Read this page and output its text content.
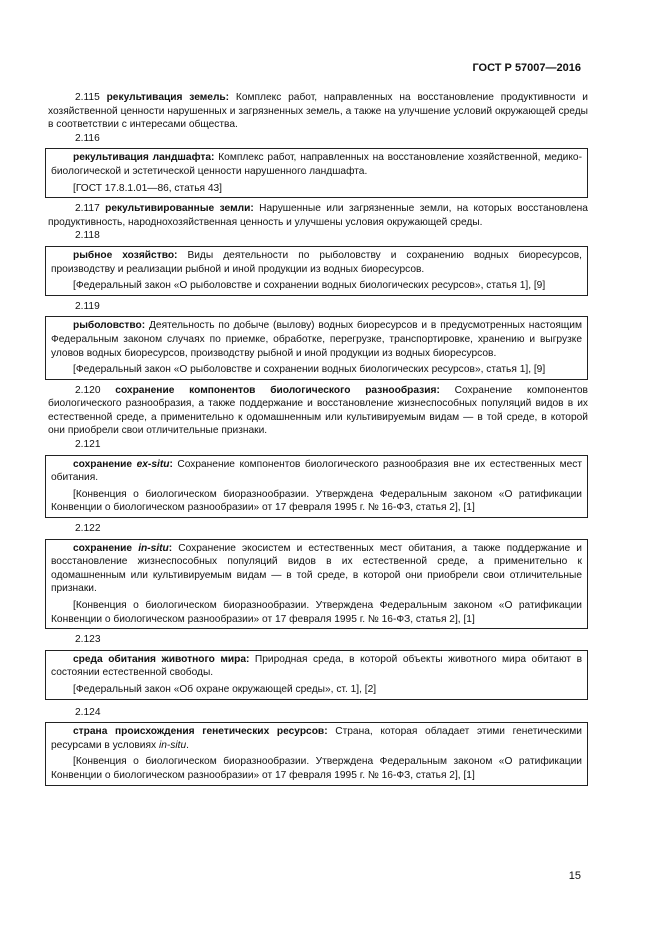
ГОСТ Р 57007—2016

2.115 рекультивация земель: Комплекс работ, направленных на восстановление продуктивности и хозяйственной ценности нарушенных и загрязненных земель, а также на улучшение условий окружающей среды в соответствии с интересами общества.

2.116

рекультивация ландшафта: Комплекс работ, направленных на восстановление хозяйственной, медико-биологической и эстетической ценности нарушенного ландшафта.

[ГОСТ 17.8.1.01—86, статья 43]

2.117 рекультивированные земли: Нарушенные или загрязненные земли, на которых восстановлена продуктивность, народнохозяйственная ценность и улучшены условия окружающей среды.

2.118

рыбное хозяйство: Виды деятельности по рыболовству и сохранению водных биоресурсов, производству и реализации рыбной и иной продукции из водных биоресурсов.

[Федеральный закон «О рыболовстве и сохранении водных биологических ресурсов», статья 1], [9]

2.119

рыболовство: Деятельность по добыче (вылову) водных биоресурсов и в предусмотренных настоящим Федеральным законом случаях по приемке, обработке, перегрузке, транспортировке, хранению и выгрузке уловов водных биоресурсов, производству рыбной и иной продукции из водных биоресурсов.

[Федеральный закон «О рыболовстве и сохранении водных биологических ресурсов», статья 1], [9]

2.120 сохранение компонентов биологического разнообразия: Сохранение компонентов биологического разнообразия, а также поддержание и восстановление жизнеспособных популяций видов в их естественной среде, а применительно к одомашненным или культивируемым видам — в той среде, в которой они приобрели свои отличительные признаки.

2.121

сохранение ex-situ: Сохранение компонентов биологического разнообразия вне их естественных мест обитания.

[Конвенция о биологическом биоразнообразии. Утверждена Федеральным законом «О ратификации Конвенции о биологическом разнообразии» от 17 февраля 1995 г. № 16-ФЗ, статья 2], [1]

2.122

сохранение in-situ: Сохранение экосистем и естественных мест обитания, а также поддержание и восстановление жизнеспособных популяций видов в их естественной среде, а применительно к одомашненным или культивируемым видам — в той среде, в которой они приобрели свои отличительные признаки.

[Конвенция о биологическом биоразнообразии. Утверждена Федеральным законом «О ратификации Конвенции о биологическом разнообразии» от 17 февраля 1995 г. № 16-ФЗ, статья 2], [1]

2.123

среда обитания животного мира: Природная среда, в которой объекты животного мира обитают в состоянии естественной свободы.

[Федеральный закон «Об охране окружающей среды», ст. 1], [2]

2.124

страна происхождения генетических ресурсов: Страна, которая обладает этими генетическими ресурсами в условиях in-situ.

[Конвенция о биологическом биоразнообразии. Утверждена Федеральным законом «О ратификации Конвенции о биологическом разнообразии» от 17 февраля 1995 г. № 16-ФЗ, статья 2], [1]

15
